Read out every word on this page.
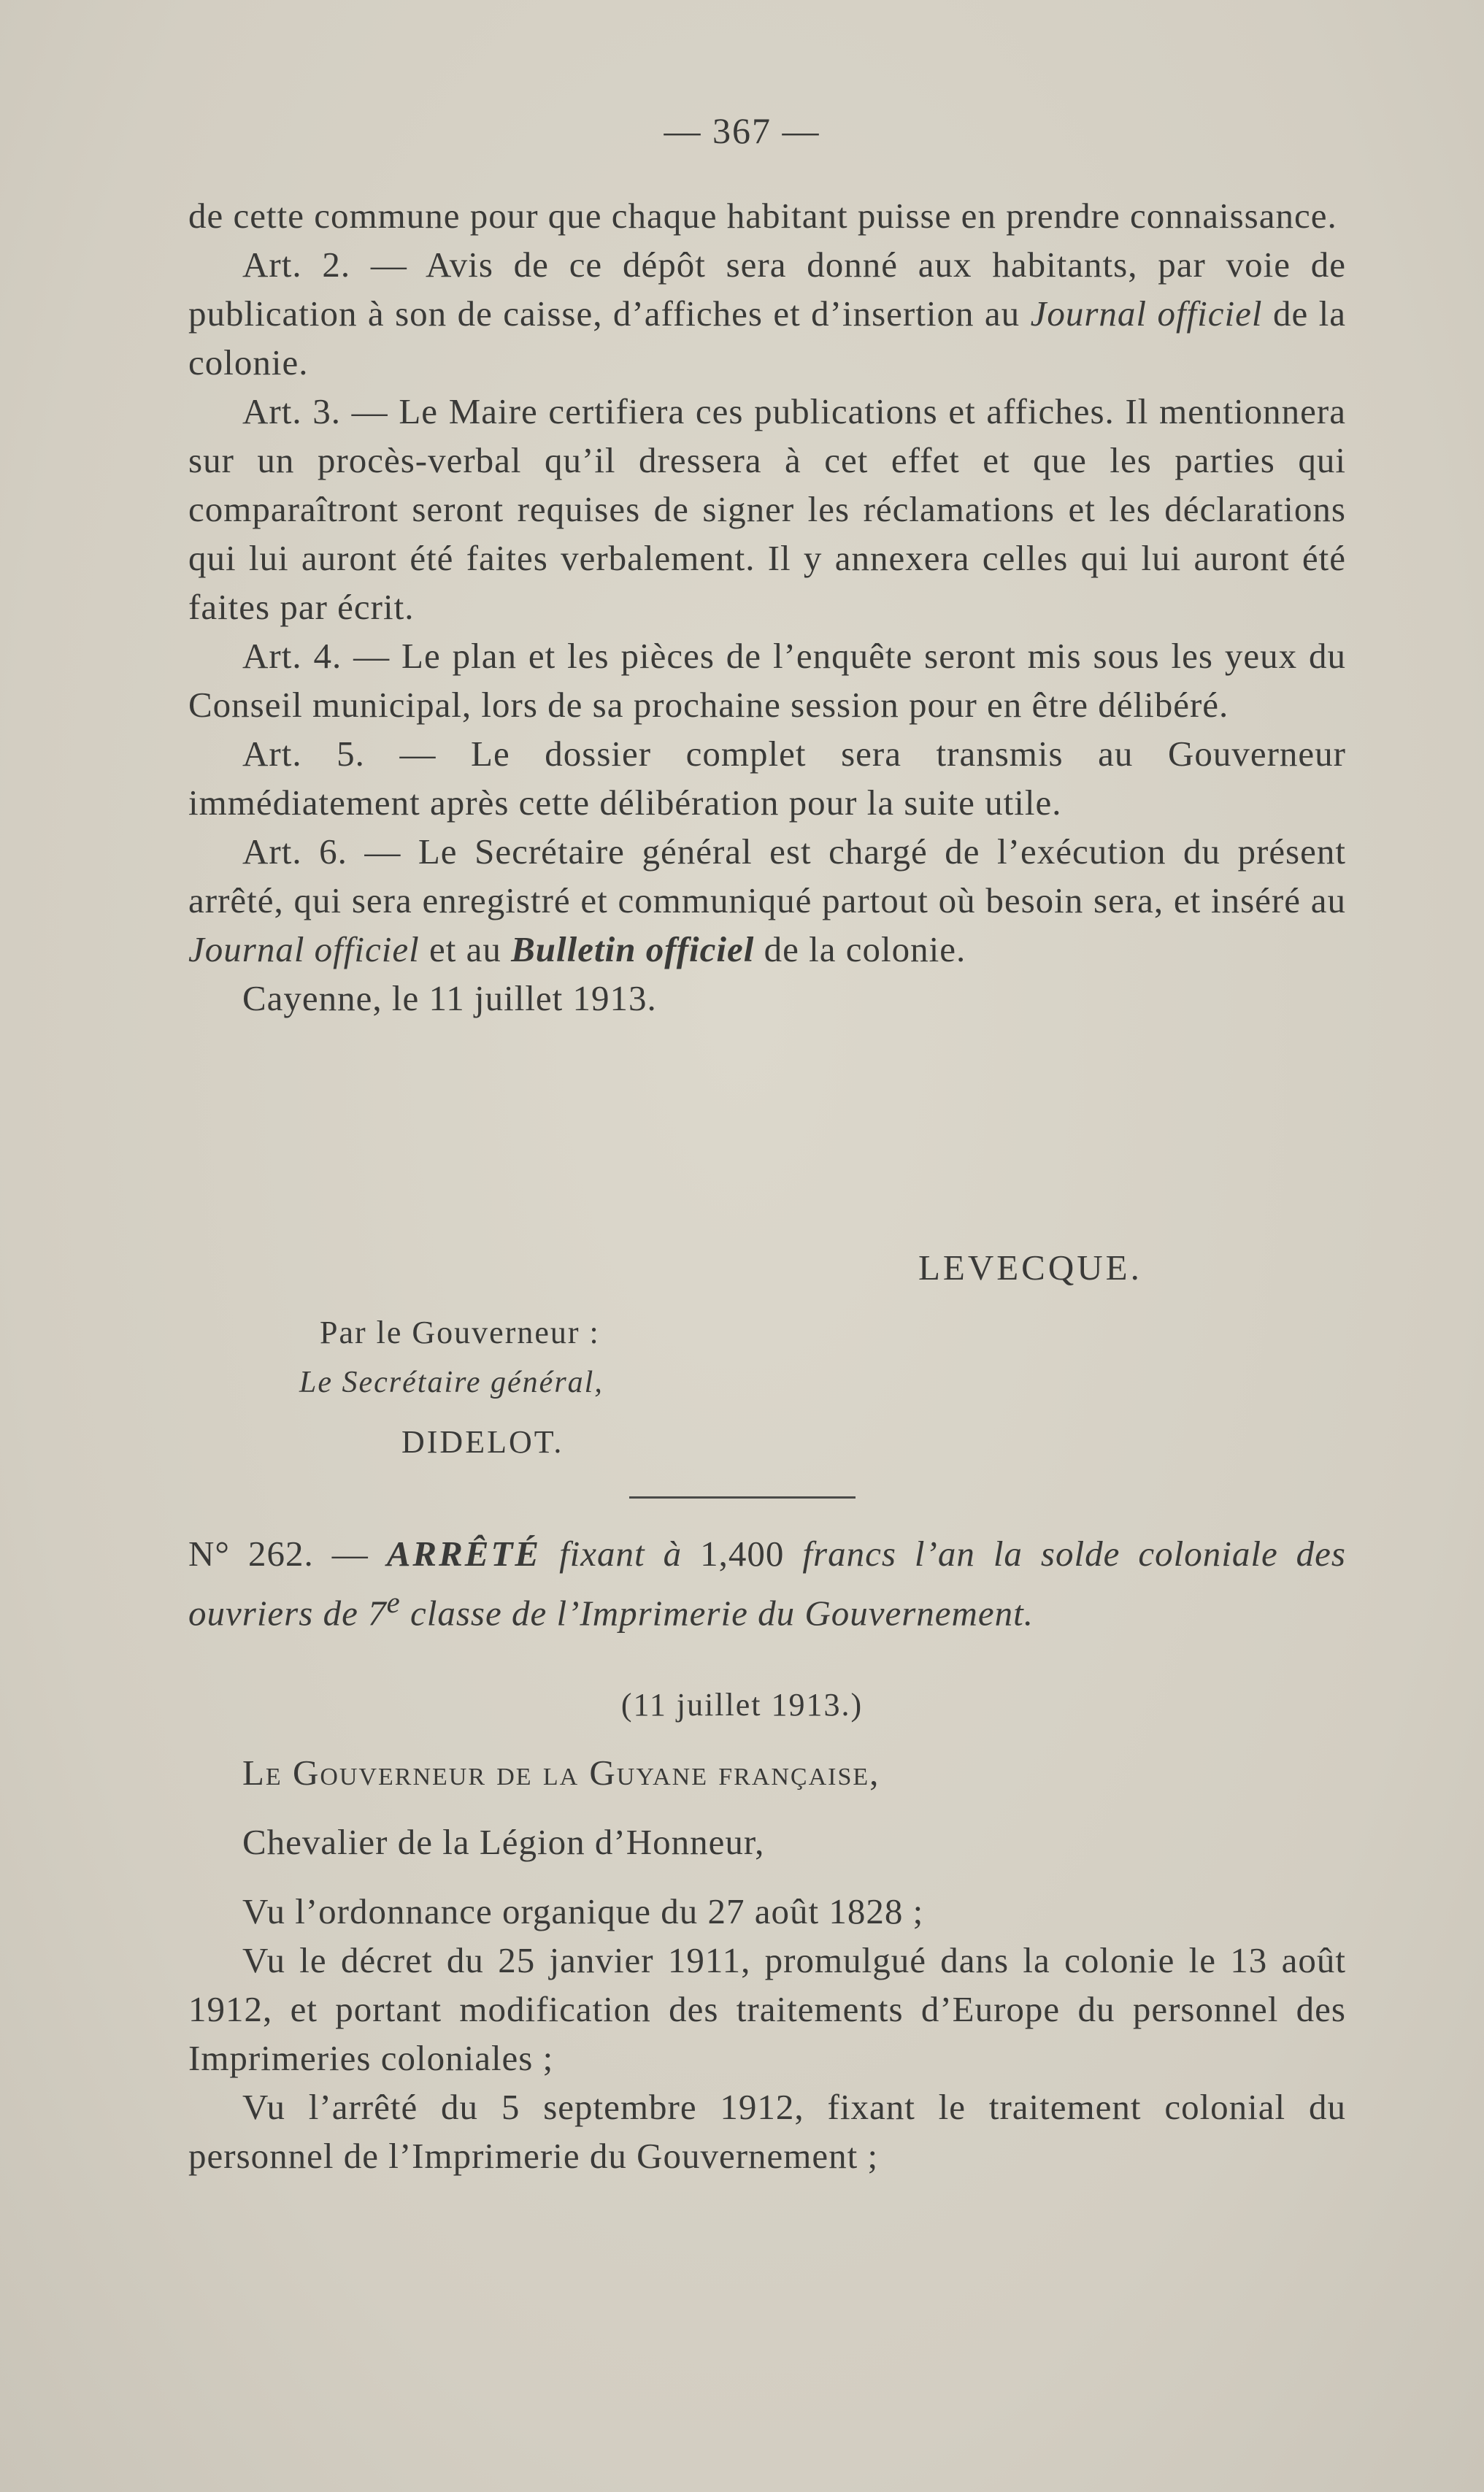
— 367 —

de cette commune pour que chaque habitant puisse en prendre connaissance.

Art. 2. — Avis de ce dépôt sera donné aux habitants, par voie de publication à son de caisse, d’affiches et d’insertion au Journal officiel de la colonie.

Art. 3. — Le Maire certifiera ces publications et affiches. Il mentionnera sur un procès-verbal qu’il dressera à cet effet et que les parties qui comparaîtront seront requises de signer les réclamations et les déclarations qui lui auront été faites verbalement. Il y annexera celles qui lui auront été faites par écrit.

Art. 4. — Le plan et les pièces de l’enquête seront mis sous les yeux du Conseil municipal, lors de sa prochaine session pour en être délibéré.

Art. 5. — Le dossier complet sera transmis au Gouverneur immédiatement après cette délibération pour la suite utile.

Art. 6. — Le Secrétaire général est chargé de l’exécution du présent arrêté, qui sera enregistré et communiqué partout où besoin sera, et inséré au Journal officiel et au Bulletin officiel de la colonie.

Cayenne, le 11 juillet 1913.

LEVECQUE.
Par le Gouverneur :
Le Secrétaire général,
DIDELOT.

N° 262. — ARRÊTÉ fixant à 1,400 francs l’an la solde coloniale des ouvriers de 7e classe de l’Imprimerie du Gouvernement.

(11 juillet 1913.)

Le Gouverneur de la Guyane française,

Chevalier de la Légion d’Honneur,

Vu l’ordonnance organique du 27 août 1828 ;

Vu le décret du 25 janvier 1911, promulgué dans la colonie le 13 août 1912, et portant modification des traitements d’Europe du personnel des Imprimeries coloniales ;

Vu l’arrêté du 5 septembre 1912, fixant le traitement colonial du personnel de l’Imprimerie du Gouvernement ;
